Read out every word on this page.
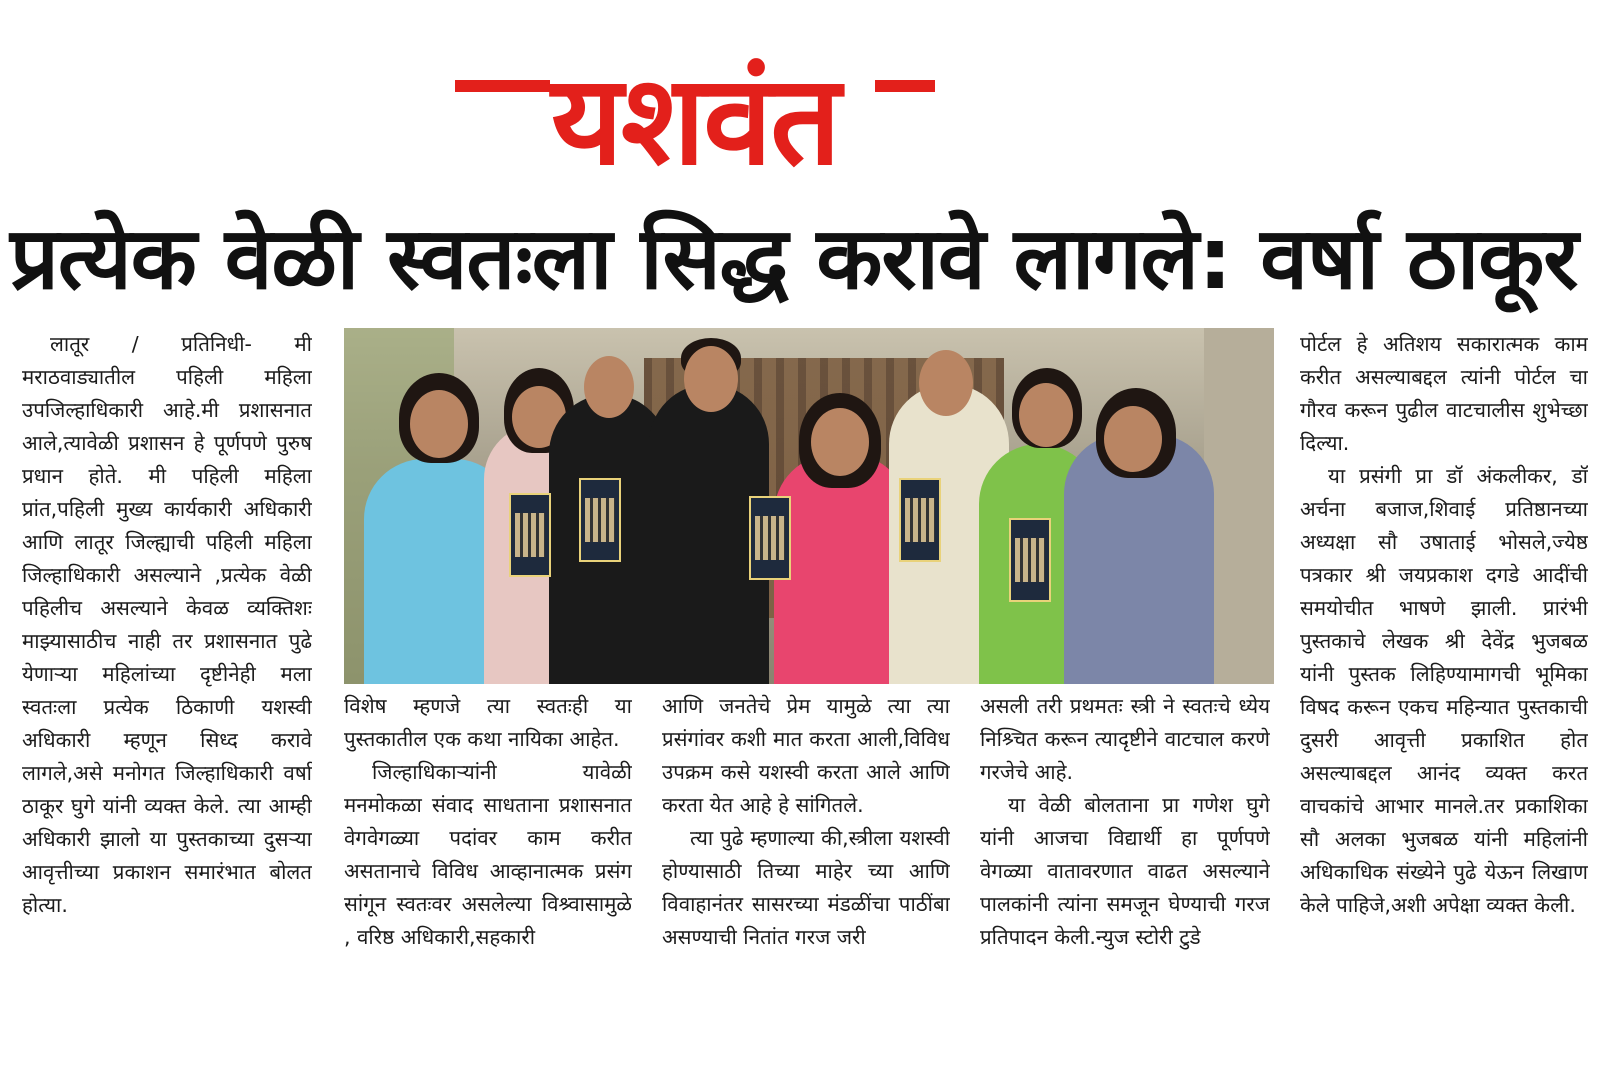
यशवंत
प्रत्येक वेळी स्वतःला सिद्ध करावे लागले: वर्षा ठाकूर

लातूर / प्रतिनिधी- मी मराठवाड्यातील पहिली महिला उपजिल्हाधिकारी आहे.मी प्रशासनात आले,त्यावेळी प्रशासन हे पूर्णपणे पुरुष प्रधान होते. मी पहिली महिला प्रांत,पहिली मुख्य कार्यकारी अधिकारी आणि लातूर जिल्ह्याची पहिली महिला जिल्हाधिकारी असल्याने ,प्रत्येक वेळी पहिलीच असल्याने केवळ व्यक्तिशः माझ्यासाठीच नाही तर प्रशासनात पुढे येणाऱ्या महिलांच्या दृष्टीनेही मला स्वतःला प्रत्येक ठिकाणी यशस्वी अधिकारी म्हणून सिध्द करावे लागले,असे मनोगत जिल्हाधिकारी वर्षा ठाकूर घुगे यांनी व्यक्त केले. त्या आम्ही अधिकारी झालो या पुस्तकाच्या दुसऱ्या आवृत्तीच्या प्रकाशन समारंभात बोलत होत्या.

विशेष म्हणजे त्या स्वतःही या पुस्तकातील एक कथा नायिका आहेत.

जिल्हाधिकाऱ्यांनी यावेळी मनमोकळा संवाद साधताना प्रशासनात वेगवेगळ्या पदांवर काम करीत असतानाचे विविध आव्हानात्मक प्रसंग सांगून स्वतःवर असलेल्या विश्र्वासामुळे , वरिष्ठ अधिकारी,सहकारी

आणि जनतेचे प्रेम यामुळे त्या त्या प्रसंगांवर कशी मात करता आली,विविध उपक्रम कसे यशस्वी करता आले आणि करता येत आहे हे सांगितले.

त्या पुढे म्हणाल्या की,स्त्रीला यशस्वी होण्यासाठी तिच्या माहेर च्या आणि विवाहानंतर सासरच्या मंडळींचा पाठींबा असण्याची नितांत गरज जरी

असली तरी प्रथमतः स्त्री ने स्वतःचे ध्येय निश्र्चित करून त्यादृष्टीने वाटचाल करणे गरजेचे आहे.

या वेळी बोलताना प्रा गणेश घुगे यांनी आजचा विद्यार्थी हा पूर्णपणे वेगळ्या वातावरणात वाढत असल्याने पालकांनी त्यांना समजून घेण्याची गरज प्रतिपादन केली.न्युज स्टोरी टुडे

पोर्टल हे अतिशय सकारात्मक काम करीत असल्याबद्दल त्यांनी पोर्टल चा गौरव करून पुढील वाटचालीस शुभेच्छा दिल्या.

या प्रसंगी प्रा डॉ अंकलीकर, डॉ अर्चना बजाज,शिवाई प्रतिष्ठानच्या अध्यक्षा सौ उषाताई भोसले,ज्येष्ठ पत्रकार श्री जयप्रकाश दगडे आदींची समयोचीत भाषणे झाली. प्रारंभी पुस्तकाचे लेखक श्री देवेंद्र भुजबळ यांनी पुस्तक लिहिण्यामागची भूमिका विषद करून एकच महिन्यात पुस्तकाची दुसरी आवृत्ती प्रकाशित होत असल्याबद्दल आनंद व्यक्त करत वाचकांचे आभार मानले.तर प्रकाशिका सौ अलका भुजबळ यांनी महिलांनी अधिकाधिक संख्येने पुढे येऊन लिखाण केले पाहिजे,अशी अपेक्षा व्यक्त केली.
